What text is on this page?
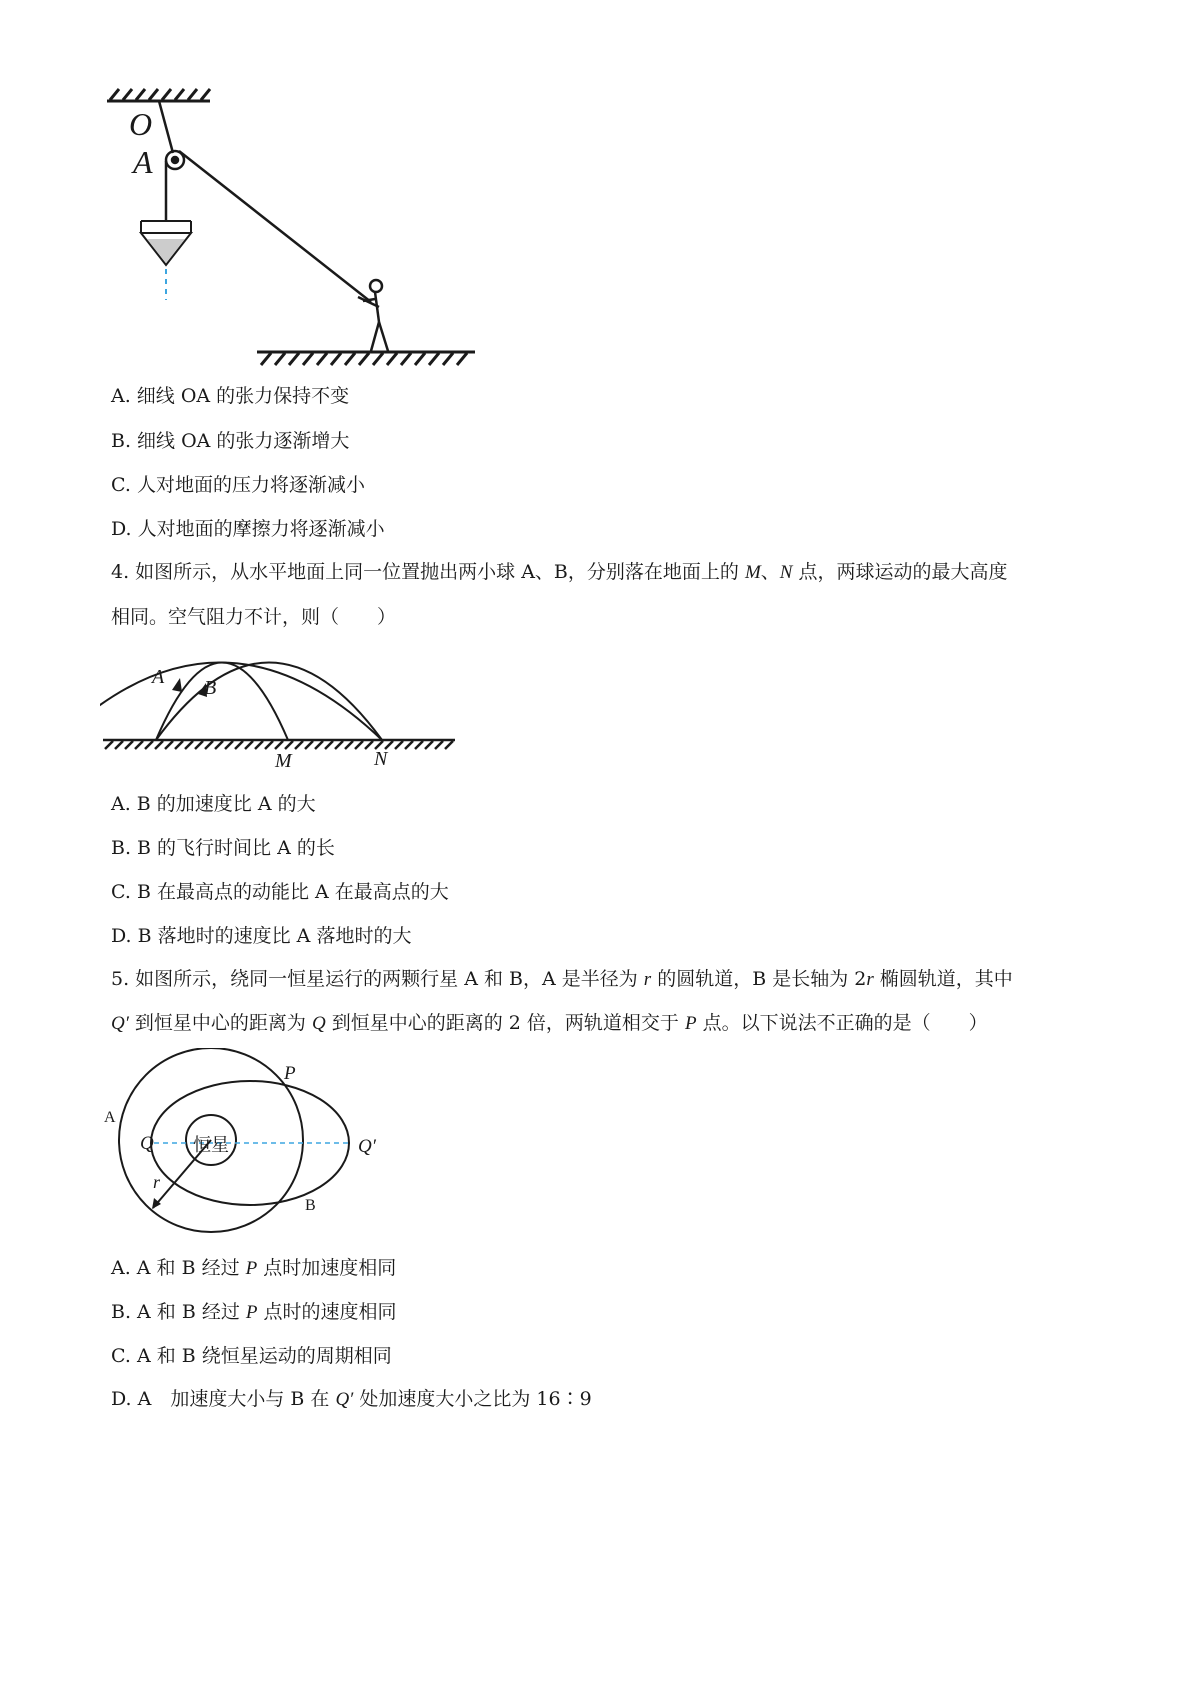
O
A
A. 细线 OA 的张力保持不变
B. 细线 OA 的张力逐渐增大
C. 人对地面的压力将逐渐减小
D. 人对地面的摩擦力将逐渐减小
4. 如图所示，从水平地面上同一位置抛出两小球 A、B，分别落在地面上的 M、N 点，两球运动的最大高度
相同。空气阻力不计，则（　　）
A B
M	N
A. B 的加速度比 A 的大
B. B 的飞行时间比 A 的长
C. B 在最高点的动能比 A 在最高点的大
D. B 落地时的速度比 A 落地时的大
5. 如图所示，绕同一恒星运行的两颗行星 A 和 B，A 是半径为 r 的圆轨道，B 是长轴为 2r 椭圆轨道，其中
Q′ 到恒星中心的距离为 Q 到恒星中心的距离的 2 倍，两轨道相交于 P 点。以下说法不正确的是（　　）
P
A
Q 恒星	Q′
r
B
A. A 和 B 经过 P 点时加速度相同
B. A 和 B 经过 P 点时的速度相同
C. A 和 B 绕恒星运动的周期相同
D. A　加速度大小与 B 在 Q′ 处加速度大小之比为 16∶9
